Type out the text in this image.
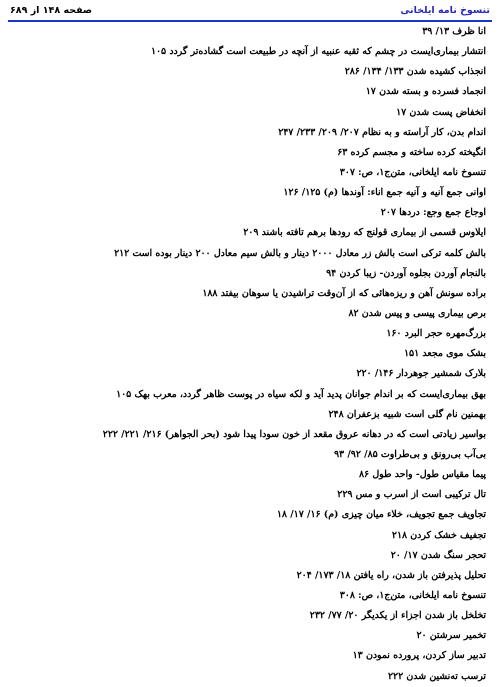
تنسوخ نامه ایلخانی
صفحه ۱۴۸ از ۶۸۹
انا ظرف ۱۳/ ۳۹
انتشار بیماری‌ایست در چشم که ثقبه عنبیه از آنچه در طبیعت است گشاده‌تر گردد ۱۰۵
انجذاب کشیده شدن ۱۳۳/ ۱۳۴/ ۲۸۶
انجماد فسرده و بسته شدن ۱۷
انخفاض پست شدن ۱۷
اندام بدن، کار آراسته و به نظام ۲۰۷/ ۲۰۹/ ۲۳۳/ ۲۴۷
انگیخته کرده ساخته و مجسم کرده ۶۳
تنسوخ نامه ایلخانی، متن‌ج۱، ص: ۳۰۷
اوانی جمع آنیه و آنیه جمع اناء: آوندها (م) ۱۲۵/ ۱۲۶
اوجاع جمع وجع: دردها ۲۰۷
ایلاوس قسمی از بیماری قولنج که رودها برهم تافته باشند ۲۰۹
بالش کلمه ترکی است بالش زر معادل ۲۰۰۰ دینار و بالش سیم معادل ۲۰۰ دینار بوده است ۲۱۲
بالنجام آوردن بجلوه آوردن- زیبا کردن ۹۴
براده سونش آهن و ریزه‌هائی که از آن‌وقت تراشیدن یا سوهان بیفتد ۱۸۸
برص بیماری پیسی و پیس شدن ۸۲
بزرگ‌مهره حجر البرد ۱۶۰
بشک موی مجعد ۱۵۱
بلارک شمشیر جوهردار ۱۴۶/ ۲۲۰
بهق بیماری‌ایست که بر اندام جوانان پدید آید و لکه سیاه در پوست ظاهر گردد، معرب بهک ۱۰۵
بهمنین نام گلی است شبیه بزعفران ۲۴۸
بواسیر زیادتی است که در دهانه عروق مقعد از خون سودا پیدا شود (بحر الجواهر) ۲۱۶/ ۲۲۱/ ۲۲۲
بی‌آب بی‌رونق و بی‌طراوت ۸۵/ ۹۲/ ۹۳
پیما مقیاس طول- واحد طول ۸۶
تال ترکیبی است از اسرب و مس ۲۲۹
تجاویف جمع تجویف، خلاء میان چیزی (م) ۱۶/ ۱۷/ ۱۸
تجفیف خشک کردن ۲۱۸
تحجر سنگ شدن ۱۷/ ۲۰
تحلیل پذیرفتن باز شدن، راه یافتن ۱۸/ ۱۷۳/ ۲۰۴
تنسوخ نامه ایلخانی، متن‌ج۱، ص: ۳۰۸
تخلخل باز شدن اجزاء از یکدیگر ۲۰/ ۷۷/ ۲۳۲
تخمیر سرشتن ۲۰
تدبیر ساز کردن، پرورده نمودن ۱۳
ترسب ته‌نشین شدن ۲۲۲
